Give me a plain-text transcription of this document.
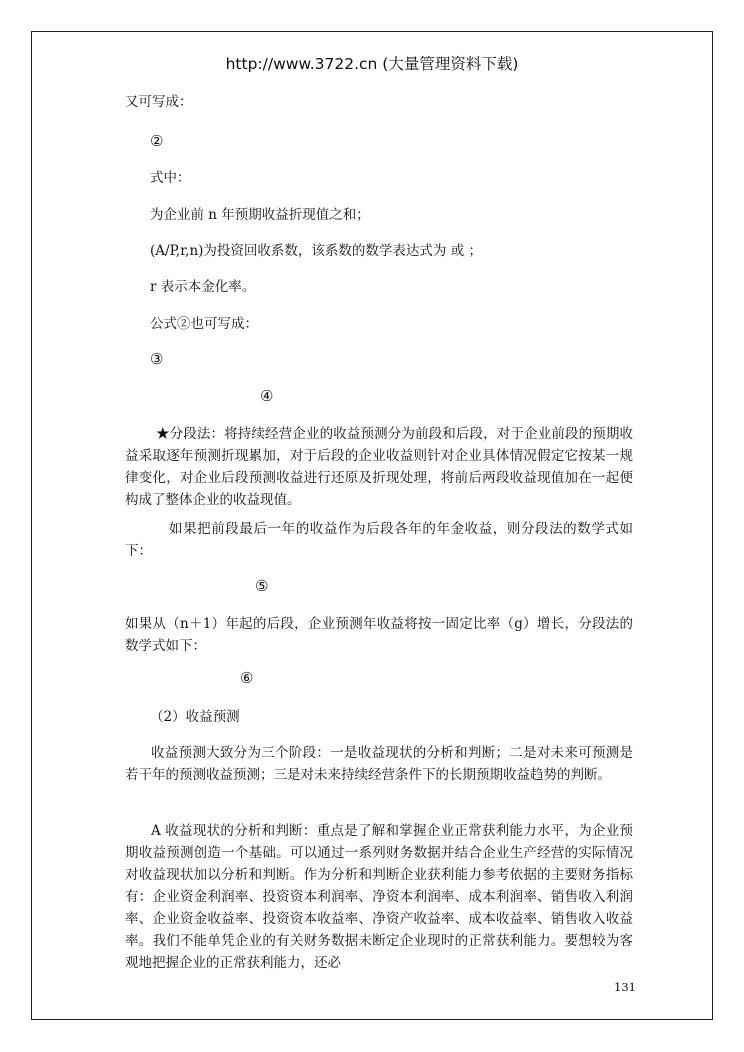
http://www.3722.cn (大量管理资料下载)
又可写成：
②
式中：
为企业前 n 年预期收益折现值之和；
(A/P,r,n)为投资回收系数，该系数的数学表达式为 或 ；
r 表示本金化率。
公式②也可写成：
③
④
★分段法：将持续经营企业的收益预测分为前段和后段，对于企业前段的预期收益采取逐年预测折现累加，对于后段的企业收益则针对企业具体情况假定它按某一规律变化，对企业后段预测收益进行还原及折现处理，将前后两段收益现值加在一起便构成了整体企业的收益现值。
如果把前段最后一年的收益作为后段各年的年金收益，则分段法的数学式如下：
⑤
如果从（n＋1）年起的后段，企业预测年收益将按一固定比率（g）增长，分段法的数学式如下：
⑥
（2）收益预测
收益预测大致分为三个阶段：一是收益现状的分析和判断；二是对未来可预测是若干年的预测收益预测；三是对未来持续经营条件下的长期预期收益趋势的判断。
A 收益现状的分析和判断：重点是了解和掌握企业正常获利能力水平，为企业预期收益预测创造一个基础。可以通过一系列财务数据并结合企业生产经营的实际情况对收益现状加以分析和判断。作为分析和判断企业获利能力参考依据的主要财务指标有：企业资金利润率、投资资本利润率、净资本利润率、成本利润率、销售收入利润率、企业资金收益率、投资资本收益率、净资产收益率、成本收益率、销售收入收益率。我们不能单凭企业的有关财务数据未断定企业现时的正常获利能力。要想较为客观地把握企业的正常获利能力，还必
131
